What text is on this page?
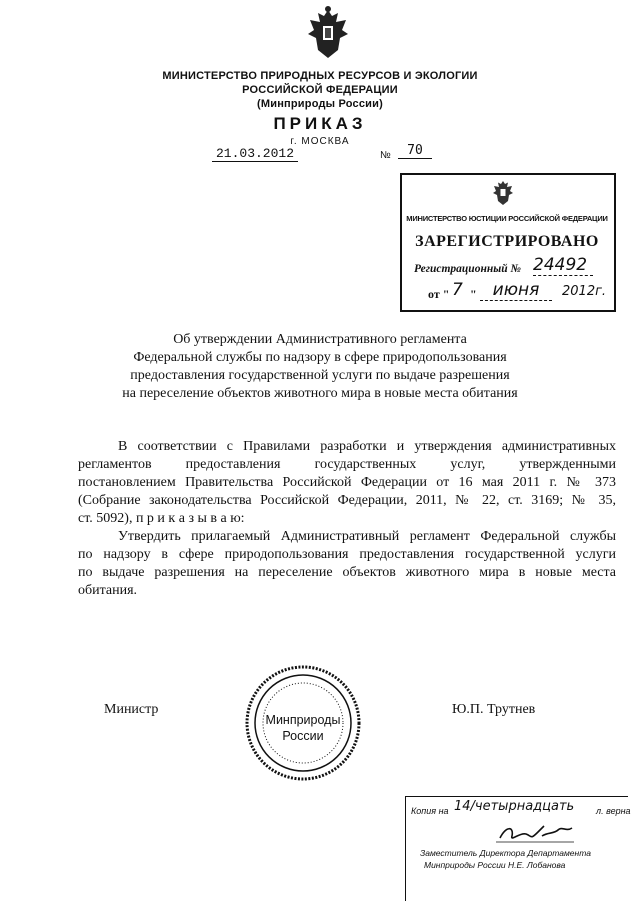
МИНИСТЕРСТВО ПРИРОДНЫХ РЕСУРСОВ И ЭКОЛОГИИ
РОССИЙСКОЙ ФЕДЕРАЦИИ
(Минприроды России)
ПРИКАЗ
г. МОСКВА
21.03.2012	№	70
МИНИСТЕРСТВО ЮСТИЦИИ РОССИЙСКОЙ ФЕДЕРАЦИИ
ЗАРЕГИСТРИРОВАНО
Регистрационный № 24492
от " 7 " июня	2012г.
Об утверждении Административного регламента
Федеральной службы по надзору в сфере природопользования
предоставления государственной услуги по выдаче разрешения
на переселение объектов животного мира в новые места обитания
В соответствии с Правилами разработки и утверждения административных
регламентов предоставления государственных услуг, утвержденными
постановлением Правительства Российской Федерации от 16 мая 2011 г. № 373
(Собрание законодательства Российской Федерации, 2011, № 22, ст. 3169; № 35,
ст. 5092), п р и к а з ы в а ю:
Утвердить прилагаемый Административный регламент Федеральной службы
по надзору в сфере природопользования предоставления государственной услуги
по выдаче разрешения на переселение объектов животного мира в новые места
обитания.
Министр	Ю.П. Трутнев
Минприроды
России
Копия на 14/четырнадцать л. верна
Заместитель Директора Департамента
Минприроды России Н.Е. Лобанова
